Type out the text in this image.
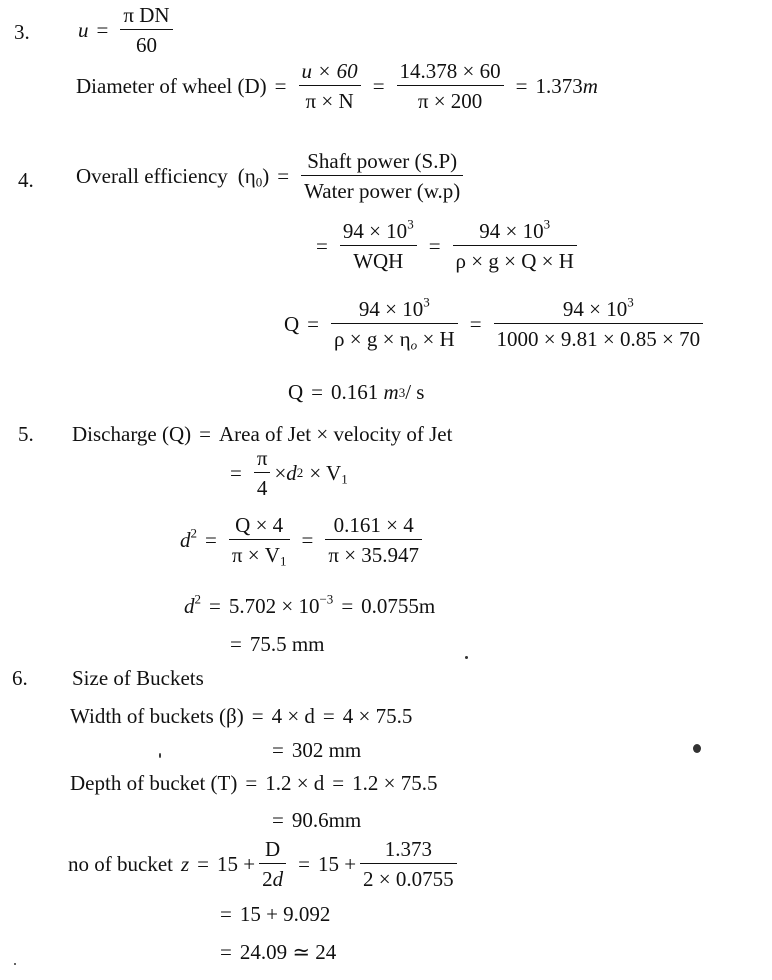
3. $u = \frac{\text{π DN}}{60}$
Diameter of wheel $(D) = \frac{u \times 60}{\pi \times N} = \frac{14.378 \times 60}{\pi \times 200} = 1.373m$
4. Overall efficiency $(\eta_0) = \frac{\text{Shaft power (S.P)}}{\text{Water power (w.p)}}$
= $\frac{94 \times 10^3}{\text{WQH}} = \frac{94 \times 10^3}{\rho \times g \times Q \times H}$
$Q = \frac{94 \times 10^3}{\rho \times g \times \eta_o \times H} = \frac{94 \times 10^3}{1000 \times 9.81 \times 0.85 \times 70}$
Q = 0.161
m 3 / s
5. Discharge (Q) = Area of Jet × velocity of Jet
= $\frac{\pi}{4} \times d$ $2 \times V_1$
$d^2 = \frac{Q \times 4}{\pi \times V_1} = \frac{0.161 \times 4}{\pi \times 35.947}$
$d^2 = 5.702 \times 10^{-3} = 0.0755m$
= 75.5 mm
6. Size of Buckets
Width of buckets (β) = 4 × d = 4 × 75.5
= 302 mm
Depth of bucket (T) = 1.2 × d = 1.2 × 75.5
= 90.6mm
no of bucket $z = 15 + \frac{D}{2d} = 15 + \frac{1.373}{2 \times 0.0755}$
= 15 + 9.092
= 24.09 ≃ 24
